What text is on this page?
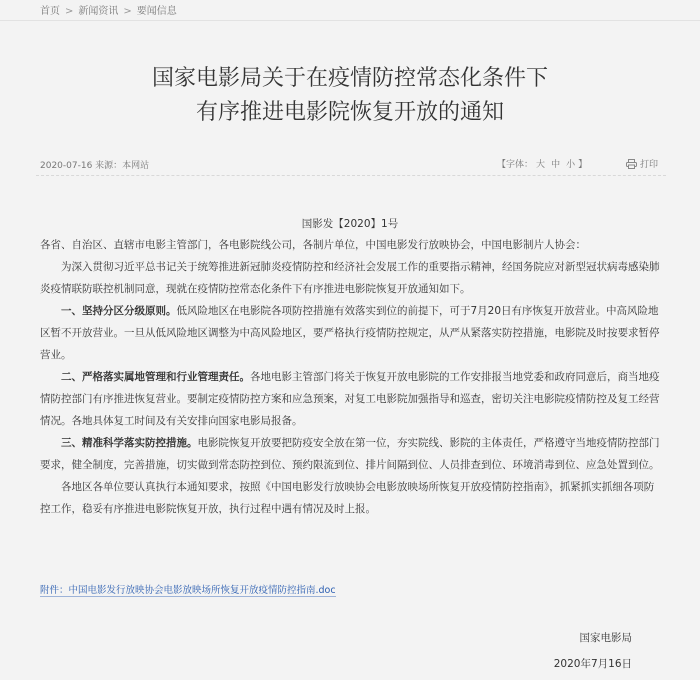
首页 > 新闻资讯 > 要闻信息
国家电影局关于在疫情防控常态化条件下
有序推进电影院恢复开放的通知
2020-07-16 来源：本网站	【字体： 大 中 小 】	打印
国影发【2020】1号

各省、自治区、直辖市电影主管部门，各电影院线公司，各制片单位，中国电影发行放映协会，中国电影制片人协会：

为深入贯彻习近平总书记关于统筹推进新冠肺炎疫情防控和经济社会发展工作的重要指示精神，经国务院应对新型冠状病毒感染肺炎疫情联防联控机制同意，现就在疫情防控常态化条件下有序推进电影院恢复开放通知如下。

一、坚持分区分级原则。低风险地区在电影院各项防控措施有效落实到位的前提下，可于7月20日有序恢复开放营业。中高风险地区暂不开放营业。一旦从低风险地区调整为中高风险地区，要严格执行疫情防控规定，从严从紧落实防控措施，电影院及时按要求暂停营业。

二、严格落实属地管理和行业管理责任。各地电影主管部门将关于恢复开放电影院的工作安排报当地党委和政府同意后，商当地疫情防控部门有序推进恢复营业。要制定疫情防控方案和应急预案，对复工电影院加强指导和巡查，密切关注电影院疫情防控及复工经营情况。各地具体复工时间及有关安排向国家电影局报备。

三、精准科学落实防控措施。电影院恢复开放要把防疫安全放在第一位，夯实院线、影院的主体责任，严格遵守当地疫情防控部门要求，健全制度，完善措施，切实做到常态防控到位、预约限流到位、排片间隔到位、人员排查到位、环境消毒到位、应急处置到位。

各地区各单位要认真执行本通知要求，按照《中国电影发行放映协会电影放映场所恢复开放疫情防控指南》，抓紧抓实抓细各项防控工作，稳妥有序推进电影院恢复开放，执行过程中遇有情况及时上报。

附件：中国电影发行放映协会电影放映场所恢复开放疫情防控指南.doc
国家电影局
2020年7月16日
